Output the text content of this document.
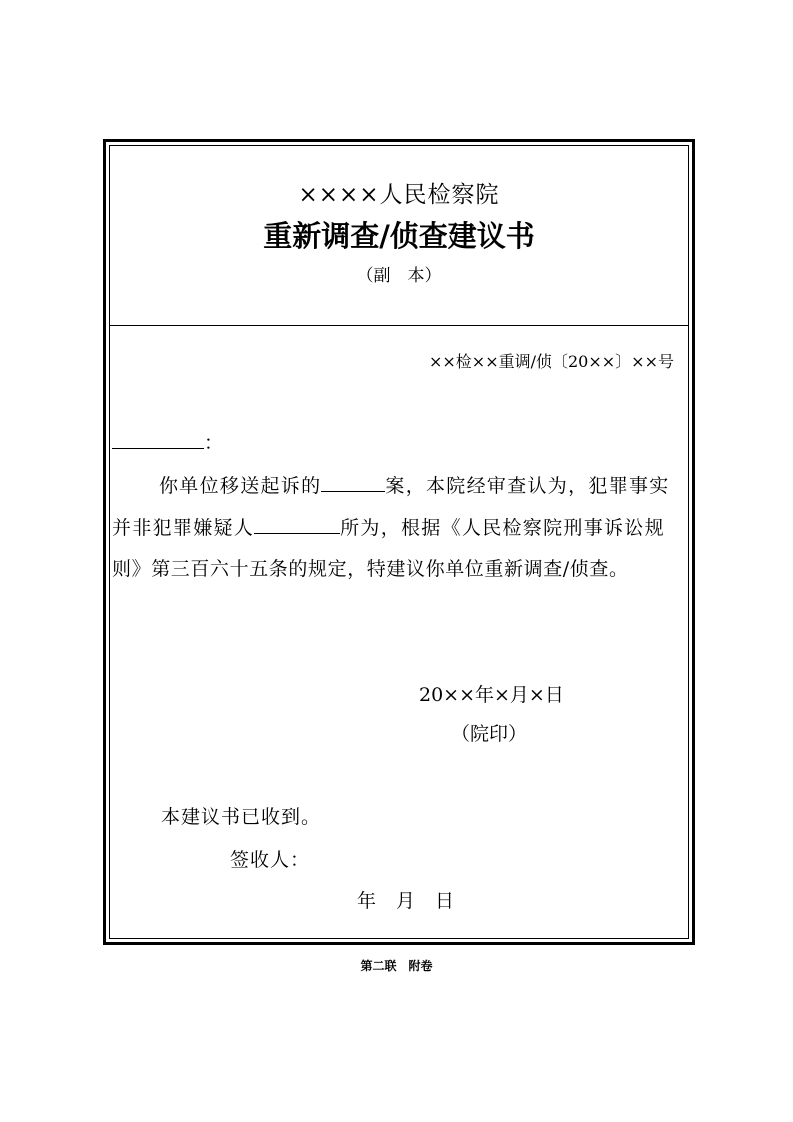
××××人民检察院
重新调查/侦查建议书
（副　本）
××检××重调/侦〔20××〕××号
：
你单位移送起诉的	案，本院经审查认为，犯罪事实
并非犯罪嫌疑人	所为，根据《人民检察院刑事诉讼规
则》第三百六十五条的规定，特建议你单位重新调查/侦查。
20××年×月×日
（院印）
本建议书已收到。
签收人：
年 月 日
第二联　附卷
